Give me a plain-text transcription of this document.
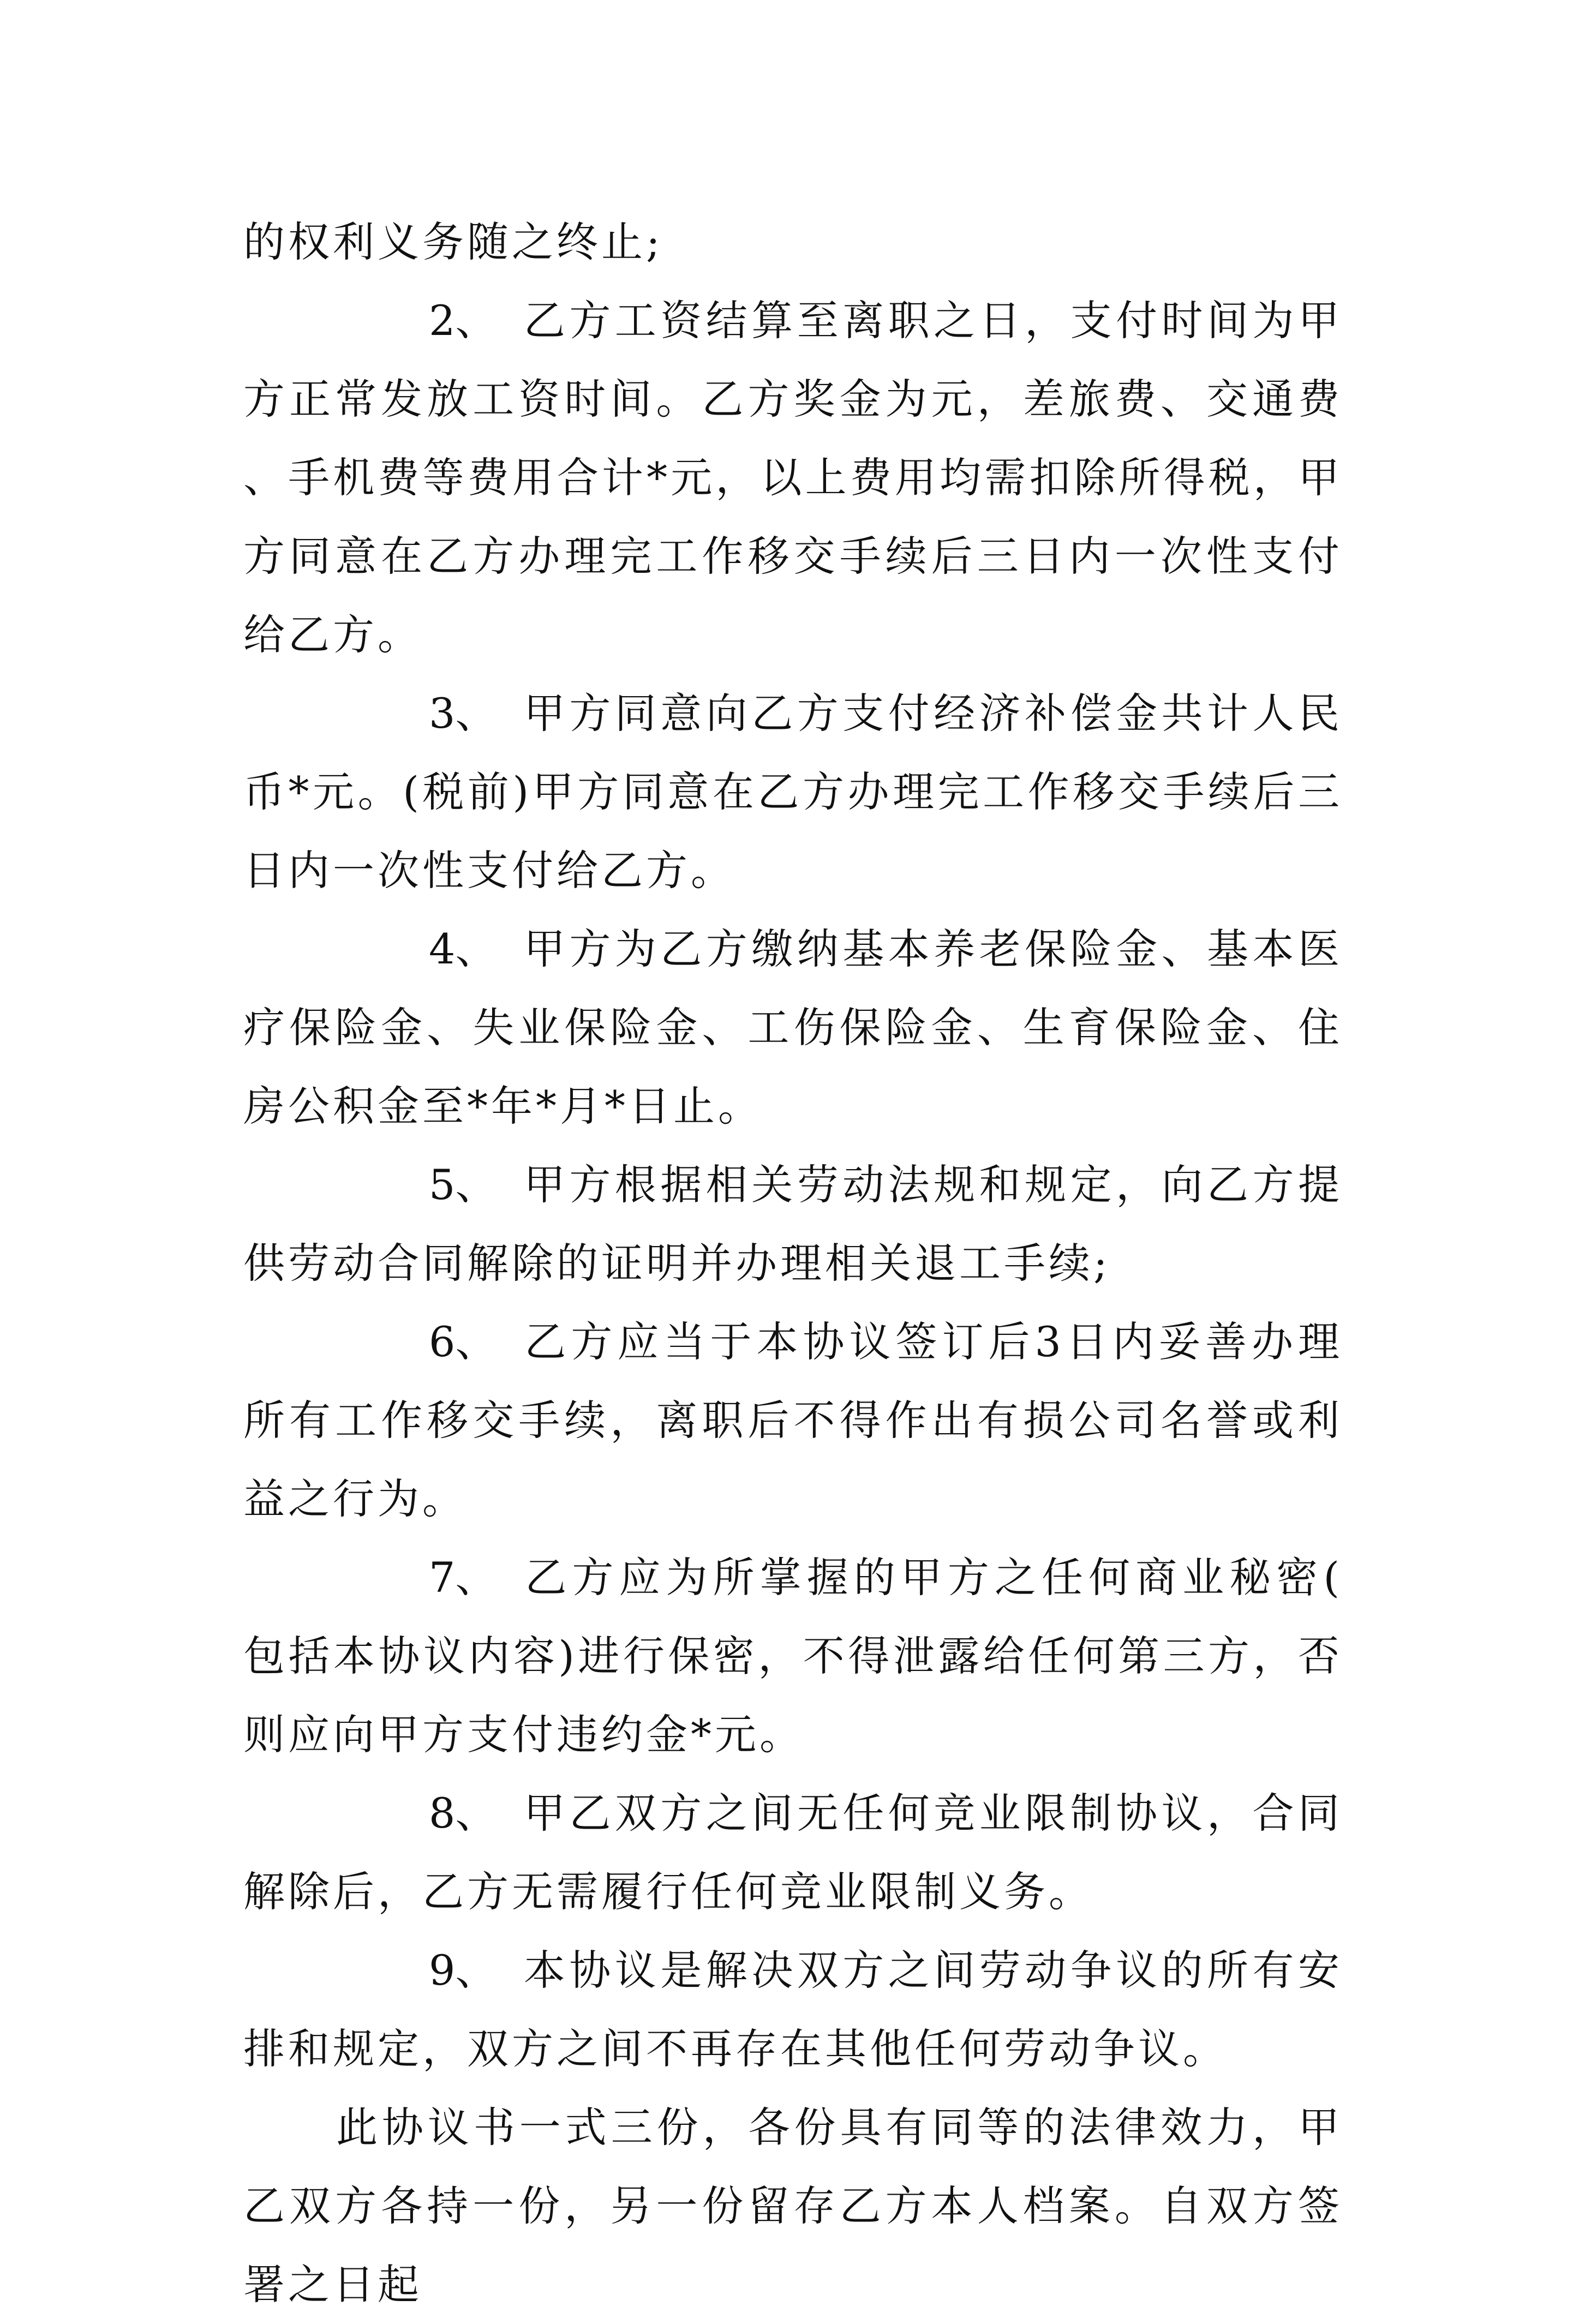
的权利义务随之终止;

2、 乙方工资结算至离职之日，支付时间为甲方正常发放工资时间。乙方奖金为元，差旅费、交通费、手机费等费用合计*元，以上费用均需扣除所得税，甲方同意在乙方办理完工作移交手续后三日内一次性支付给乙方。

3、 甲方同意向乙方支付经济补偿金共计人民币*元。(税前)甲方同意在乙方办理完工作移交手续后三日内一次性支付给乙方。

4、 甲方为乙方缴纳基本养老保险金、基本医疗保险金、失业保险金、工伤保险金、生育保险金、住房公积金至*年*月*日止。

5、 甲方根据相关劳动法规和规定，向乙方提供劳动合同解除的证明并办理相关退工手续;

6、 乙方应当于本协议签订后3日内妥善办理所有工作移交手续，离职后不得作出有损公司名誉或利益之行为。

7、 乙方应为所掌握的甲方之任何商业秘密(包括本协议内容)进行保密，不得泄露给任何第三方，否则应向甲方支付违约金*元。

8、 甲乙双方之间无任何竞业限制协议，合同解除后，乙方无需履行任何竞业限制义务。

9、 本协议是解决双方之间劳动争议的所有安排和规定，双方之间不再存在其他任何劳动争议。

此协议书一式三份，各份具有同等的法律效力，甲乙双方各持一份，另一份留存乙方本人档案。自双方签署之日起
